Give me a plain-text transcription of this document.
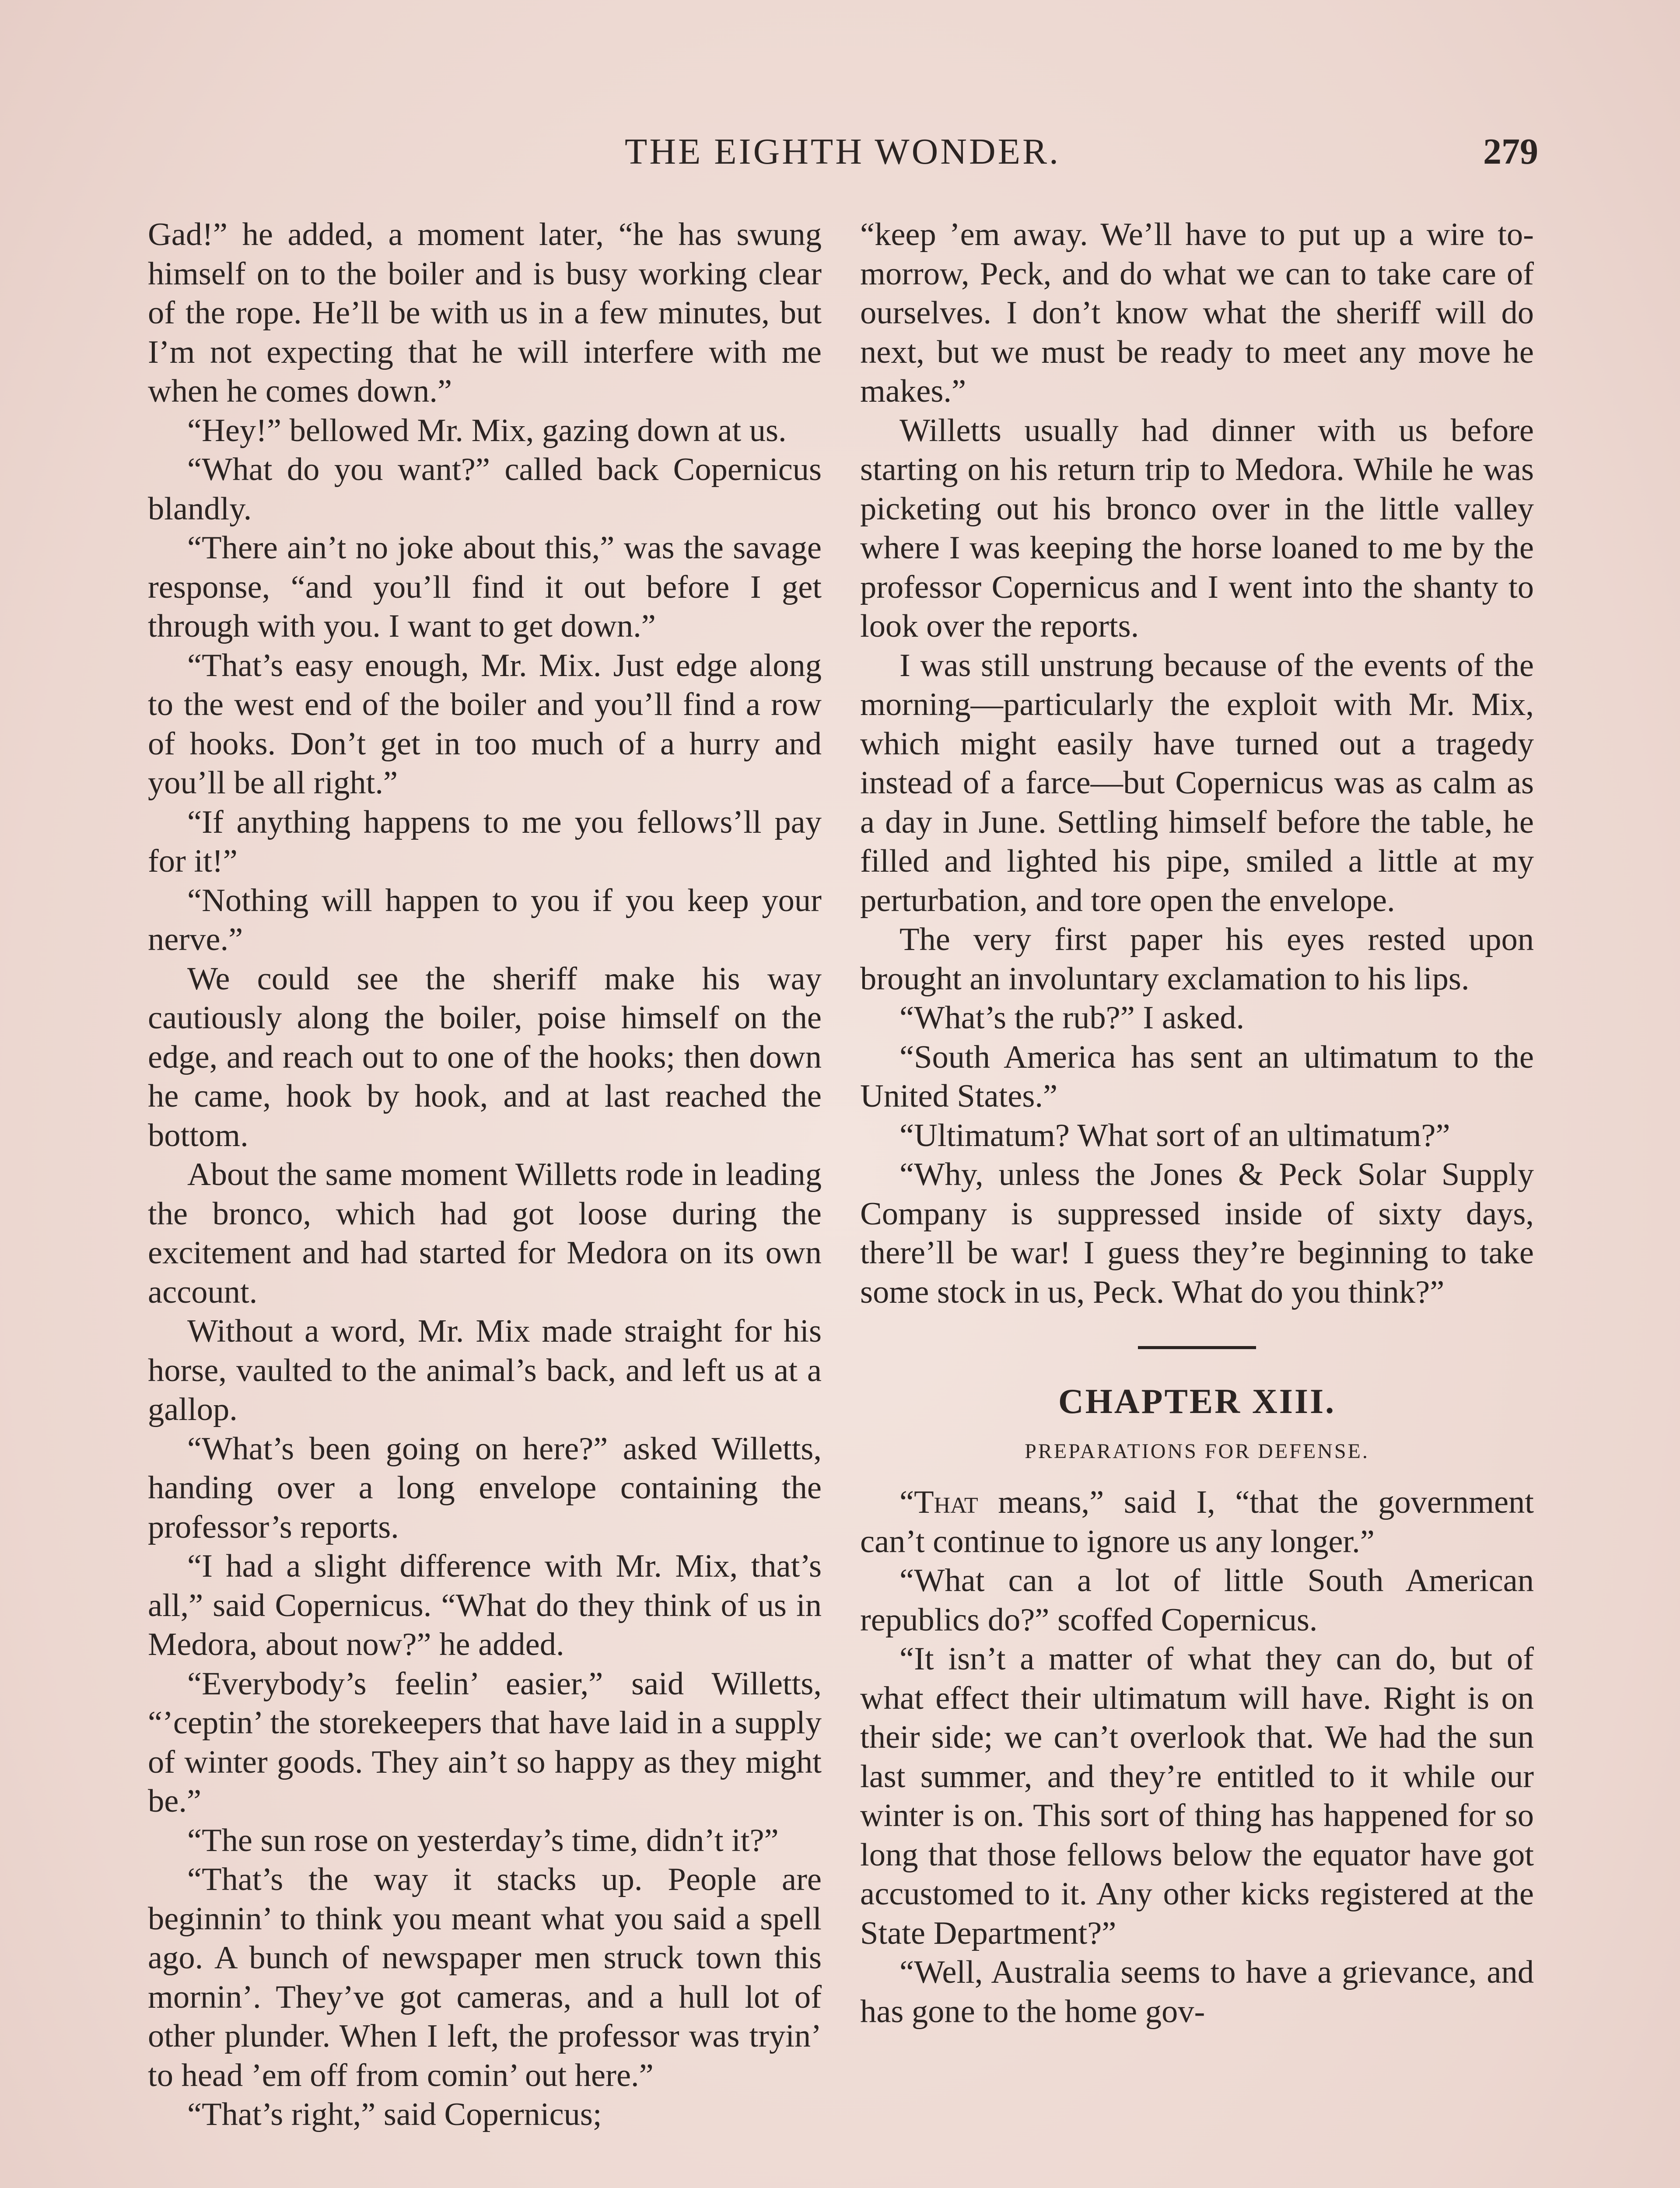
THE EIGHTH WONDER.	279

Gad!” he added, a moment later, “he has swung himself on to the boiler and is busy working clear of the rope. He’ll be with us in a few minutes, but I’m not expecting that he will interfere with me when he comes down.”

“Hey!” bellowed Mr. Mix, gazing down at us.

“What do you want?” called back Copernicus blandly.

“There ain’t no joke about this,” was the savage response, “and you’ll find it out before I get through with you. I want to get down.”

“That’s easy enough, Mr. Mix. Just edge along to the west end of the boiler and you’ll find a row of hooks. Don’t get in too much of a hurry and you’ll be all right.”

“If anything happens to me you fellows’ll pay for it!”

“Nothing will happen to you if you keep your nerve.”

We could see the sheriff make his way cautiously along the boiler, poise himself on the edge, and reach out to one of the hooks; then down he came, hook by hook, and at last reached the bottom.

About the same moment Willetts rode in leading the bronco, which had got loose during the excitement and had started for Medora on its own account.

Without a word, Mr. Mix made straight for his horse, vaulted to the animal’s back, and left us at a gallop.

“What’s been going on here?” asked Willetts, handing over a long envelope containing the professor’s reports.

“I had a slight difference with Mr. Mix, that’s all,” said Copernicus. “What do they think of us in Medora, about now?” he added.

“Everybody’s feelin’ easier,” said Willetts, “’ceptin’ the storekeepers that have laid in a supply of winter goods. They ain’t so happy as they might be.”

“The sun rose on yesterday’s time, didn’t it?”

“That’s the way it stacks up. People are beginnin’ to think you meant what you said a spell ago. A bunch of newspaper men struck town this mornin’. They’ve got cameras, and a hull lot of other plunder. When I left, the professor was tryin’ to head ’em off from comin’ out here.”

“That’s right,” said Copernicus;

“keep ’em away. We’ll have to put up a wire to-morrow, Peck, and do what we can to take care of ourselves. I don’t know what the sheriff will do next, but we must be ready to meet any move he makes.”

Willetts usually had dinner with us before starting on his return trip to Medora. While he was picketing out his bronco over in the little valley where I was keeping the horse loaned to me by the professor Copernicus and I went into the shanty to look over the reports.

I was still unstrung because of the events of the morning—particularly the exploit with Mr. Mix, which might easily have turned out a tragedy instead of a farce—but Copernicus was as calm as a day in June. Settling himself before the table, he filled and lighted his pipe, smiled a little at my perturbation, and tore open the envelope.

The very first paper his eyes rested upon brought an involuntary exclamation to his lips.

“What’s the rub?” I asked.

“South America has sent an ultimatum to the United States.”

“Ultimatum? What sort of an ultimatum?”

“Why, unless the Jones & Peck Solar Supply Company is suppressed inside of sixty days, there’ll be war! I guess they’re beginning to take some stock in us, Peck. What do you think?”

CHAPTER XIII.
PREPARATIONS FOR DEFENSE.

“That means,” said I, “that the government can’t continue to ignore us any longer.”

“What can a lot of little South American republics do?” scoffed Copernicus.

“It isn’t a matter of what they can do, but of what effect their ultimatum will have. Right is on their side; we can’t overlook that. We had the sun last summer, and they’re entitled to it while our winter is on. This sort of thing has happened for so long that those fellows below the equator have got accustomed to it. Any other kicks registered at the State Department?”

“Well, Australia seems to have a grievance, and has gone to the home gov-
